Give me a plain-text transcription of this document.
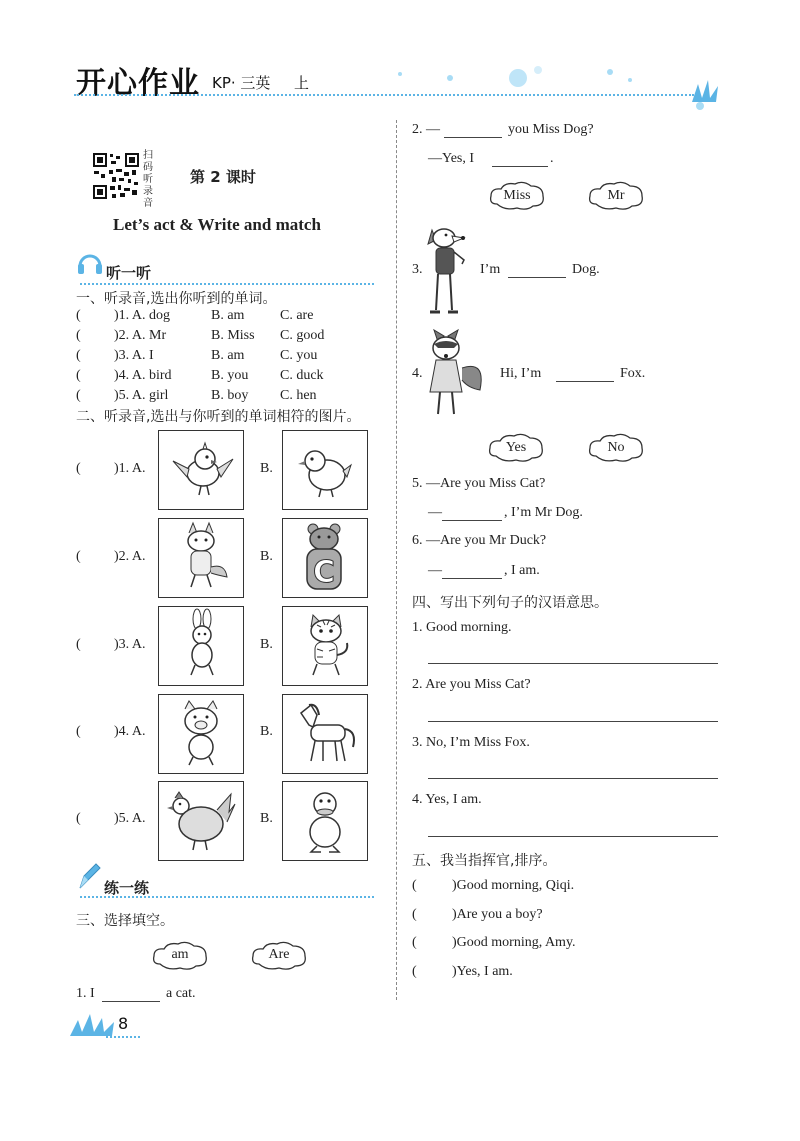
开心作业 KP· 三英 上
扫码听录音
第 2 课时
Let’s act & Write and match
听一听
一、听录音,选出你听到的单词。
( )1. A. dog	B. am	C. are
( )2. A. Mr	B. Miss C. good
( )3. A. I	B. am	C. you
( )4. A. bird	B. you C. duck
( )5. A. girl	B. boy C. hen
二、听录音,选出与你听到的单词相符的图片。
( )1. A.	B.
( )2. A.	B.
( )3. A.	B.
( )4. A.	B.
( )5. A.	B.
C
练一练
三、选择填空。
am	Are
1. I	a cat.
8
2. —	you Miss Dog?
—Yes, I	.
Miss	Mr
3.	I’m	Dog.
4.	Hi, I’m	Fox.
Yes	No
5. —Are you Miss Cat?
—	, I’m Mr Dog.
6. —Are you Mr Duck?
—	, I am.
四、写出下列句子的汉语意思。
1. Good morning.
2. Are you Miss Cat?
3. No, I’m Miss Fox.
4. Yes, I am.
五、我当指挥官,排序。
(	)Good morning, Qiqi.
(	)Are you a boy?
(	)Good morning, Amy.
(	)Yes, I am.
